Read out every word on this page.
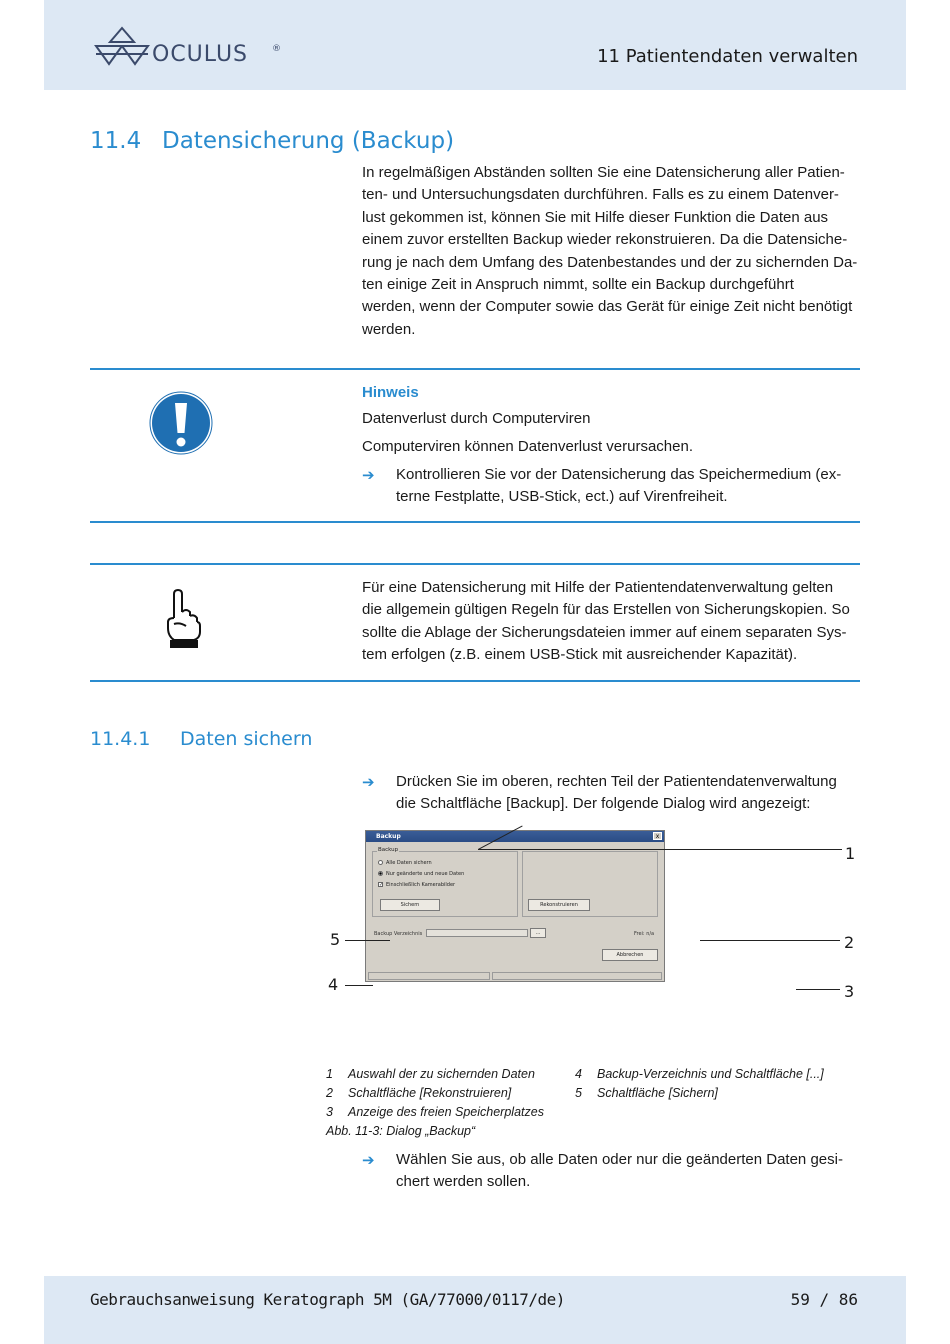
OCULUS	®	11 Patientendaten verwalten
11.4 Datensicherung (Backup)

In regelmäßigen Abständen sollten Sie eine Datensicherung aller Patien-

ten- und Untersuchungsdaten durchführen. Falls es zu einem Datenver-

lust gekommen ist, können Sie mit Hilfe dieser Funktion die Daten aus

einem zuvor erstellten Backup wieder rekonstruieren. Da die Datensiche-

rung je nach dem Umfang des Datenbestandes und der zu sichernden Da-

ten einige Zeit in Anspruch nimmt, sollte ein Backup durchgeführt

werden, wenn der Computer sowie das Gerät für einige Zeit nicht benötigt

werden.

Hinweis
Datenverlust durch Computerviren
Computerviren können Datenverlust verursachen.
➔ Kontrollieren Sie vor der Datensicherung das Speichermedium (ex-
terne Festplatte, USB-Stick, ect.) auf Virenfreiheit.
Für eine Datensicherung mit Hilfe der Patientendatenverwaltung gelten
die allgemein gültigen Regeln für das Erstellen von Sicherungskopien. So
sollte die Ablage der Sicherungsdateien immer auf einem separaten Sys-
tem erfolgen (z.B. einem USB-Stick mit ausreichender Kapazität).
11.4.1 Daten sichern
➔ Drücken Sie im oberen, rechten Teil der Patientendatenverwaltung
die Schaltfläche [Backup]. Der folgende Dialog wird angezeigt:
Backup	x
Backup
Alle Daten sichern
Nur geänderte und neue Daten
✓ Einschließlich Kamerabilder
Sichern	Rekonstruieren
Backup Verzeichnis	...	Frei: n/a
Abbrechen
1
2
3
4
5
1 Auswahl der zu sichernden Daten
2 Schaltfläche [Rekonstruieren]
3 Anzeige des freien Speicherplatzes
4 Backup-Verzeichnis und Schaltfläche [...]
5 Schaltfläche [Sichern]
Abb. 11-3: Dialog „Backup“
➔ Wählen Sie aus, ob alle Daten oder nur die geänderten Daten gesi-
chert werden sollen.
Gebrauchsanweisung Keratograph 5M (GA/77000/0117/de)	59 / 86
